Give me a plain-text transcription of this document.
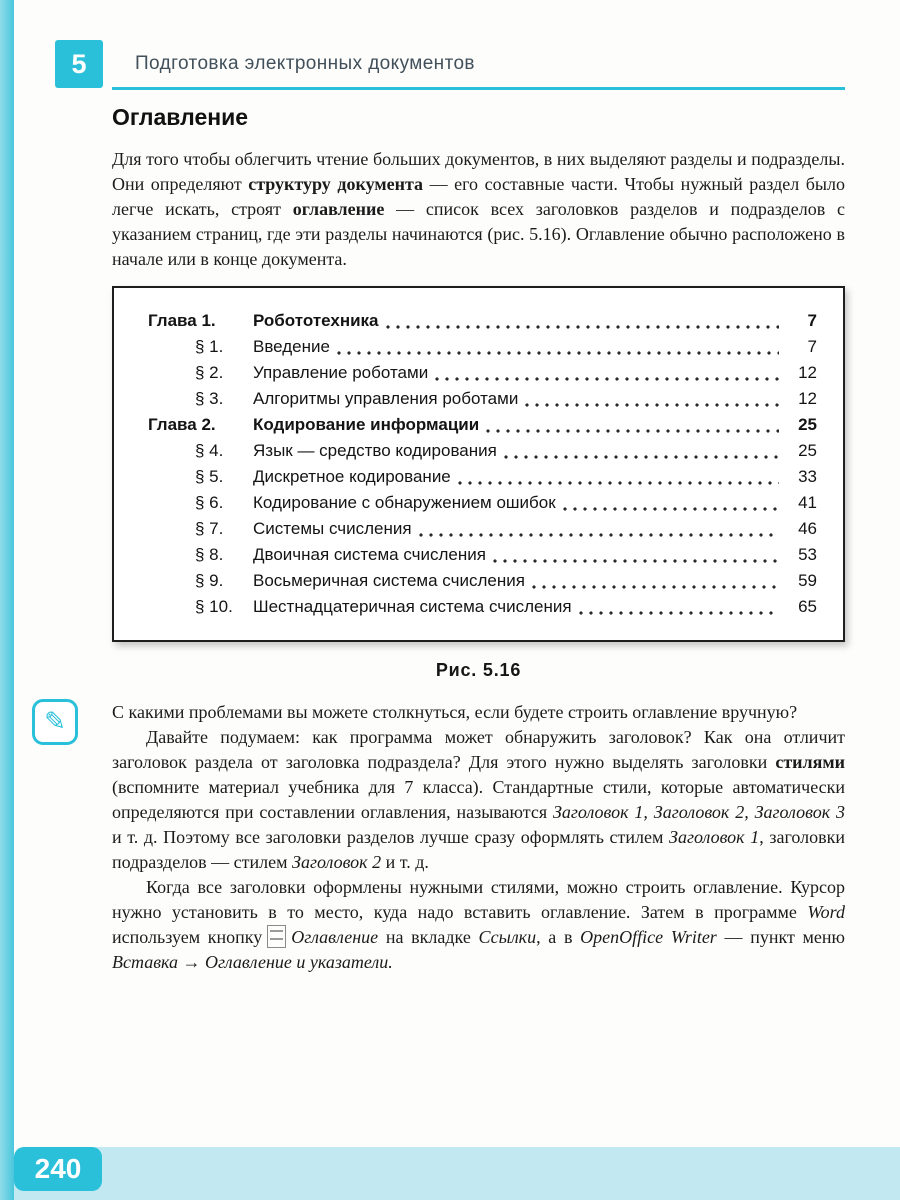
5	Подготовка электронных документов
Оглавление

Для того чтобы облегчить чтение больших документов, в них выделяют разделы и подразделы. Они определяют структуру документа — его составные части. Чтобы нужный раздел было легче искать, строят оглавление — список всех заголовков разделов и подразделов с указанием страниц, где эти разделы начинаются (рис. 5.16). Оглавление обычно расположено в начале или в конце документа.

Глава 1.	Робототехника	7
§ 1.	Введение	7
§ 2.	Управление роботами	12
§ 3.	Алгоритмы управления роботами	12
Глава 2.	Кодирование информации	25
§ 4.	Язык — средство кодирования	25
§ 5.	Дискретное кодирование	33
§ 6.	Кодирование с обнаружением ошибок	41
§ 7.	Системы счисления	46
§ 8.	Двоичная система счисления	53
§ 9.	Восьмеричная система счисления	59
§ 10.	Шестнадцатеричная система счисления	65
Рис. 5.16
✎	С какими проблемами вы можете столкнуться, если будете строить оглавление вручную?

Давайте подумаем: как программа может обнаружить заголовок? Как она отличит заголовок раздела от заголовка подраздела? Для этого нужно выделять заголовки стилями (вспомните материал учебника для 7 класса). Стандартные стили, которые автоматически определяются при составлении оглавления, называются Заголовок 1, Заголовок 2, Заголовок 3 и т. д. Поэтому все заголовки разделов лучше сразу оформлять стилем Заголовок 1, заголовки подразделов — стилем Заголовок 2 и т. д.

Когда все заголовки оформлены нужными стилями, можно строить оглавление. Курсор нужно установить в то место, куда надо вставить оглавление. Затем в программе Word используем кнопку Оглавление на вкладке Ссылки, а в OpenOffice Writer — пункт меню Вставка → Оглавление и указатели.

240
